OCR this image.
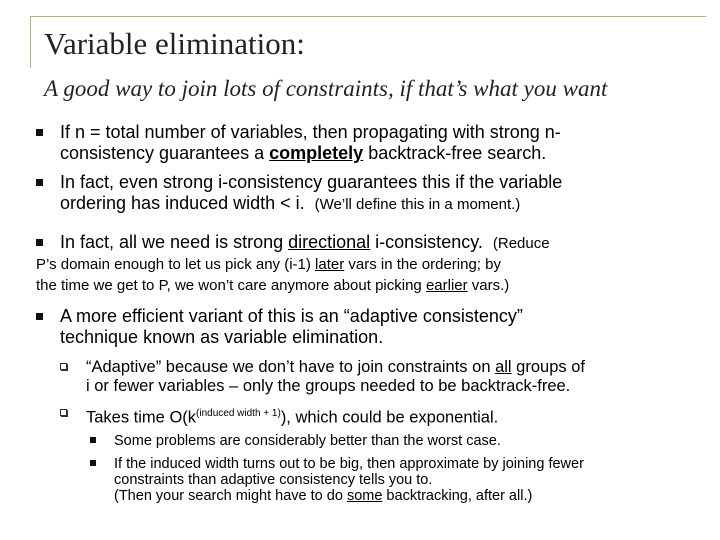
Variable elimination:
A good way to join lots of constraints, if that’s what you want
If n = total number of variables, then propagating with strong n-
consistency guarantees a completely backtrack-free search.
In fact, even strong i-consistency guarantees this if the variable
ordering has induced width < i.  (We’ll define this in a moment.)
In fact, all we need is strong directional i-consistency.  (Reduce
P’s domain enough to let us pick any (i-1) later vars in the ordering; by
the time we get to P, we won’t care anymore about picking earlier vars.)
A more efficient variant of this is an “adaptive consistency”
technique known as variable elimination.
“Adaptive” because we don’t have to join constraints on all groups of
i or fewer variables – only the groups needed to be backtrack-free.
Takes time $O(k^{(induced width + 1)})$, which could be exponential.
Some problems are considerably better than the worst case.
If the induced width turns out to be big, then approximate by joining fewer
constraints than adaptive consistency tells you to.
(Then your search might have to do some backtracking, after all.)
